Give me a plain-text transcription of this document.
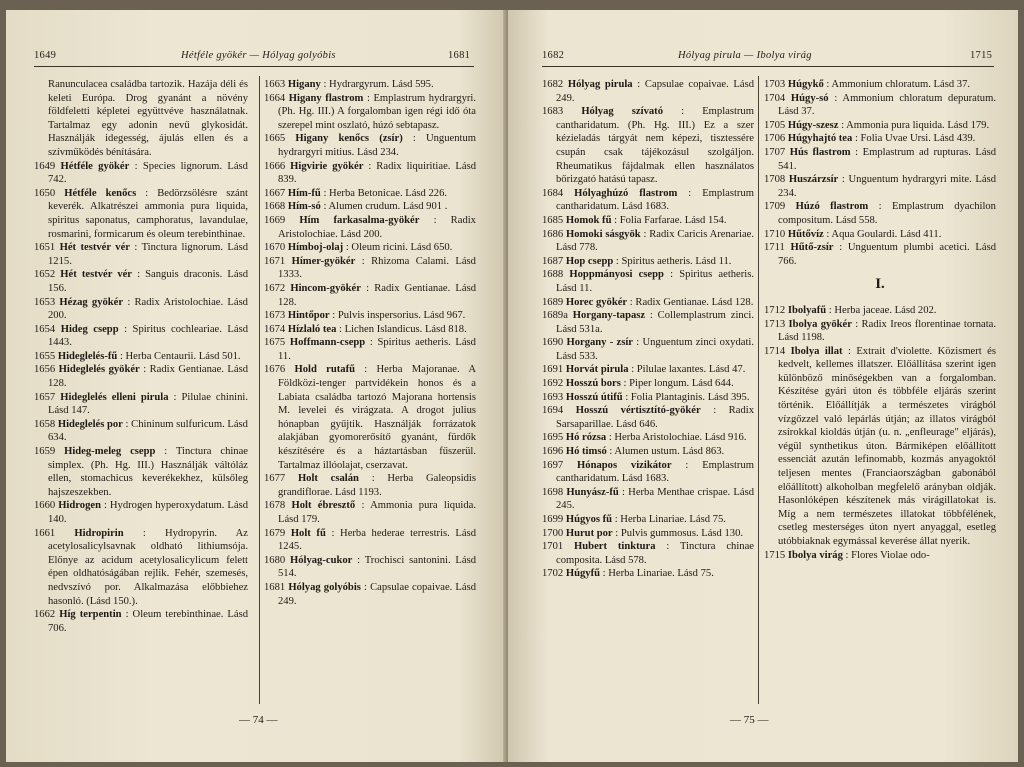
1649	Hétféle gyökér — Hólyag golyóbis	1681
Ranunculacea családba tartozik. Hazája déli és keleti Európa. Drog gyanánt a növény földfeletti képletei együttvéve használatnak. Tartalmaz egy adonin nevű glykosidát. Használják idegesség, ájulás ellen és a szívműködés bénítására.
1649 Hétféle gyökér : Species lignorum. Lásd 742.
1650 Hétféle kenőcs : Bedörzsölésre szánt keverék. Alkatrészei ammonia pura liquida, spiritus saponatus, camphoratus, lavandulae, rosmarini, formicarum és oleum terebinthinae.
1651 Hét testvér vér : Tinctura lignorum. Lásd 1215.
1652 Hét testvér vér : Sanguis draconis. Lásd 156.
1653 Hézag gyökér : Radix Aristolochiae. Lásd 200.
1654 Hideg csepp : Spiritus cochleariae. Lásd 1443.
1655 Hideglelés-fű : Herba Centaurii. Lásd 501.
1656 Hideglelés gyökér : Radix Gentianae. Lásd 128.
1657 Hideglelés elleni pirula : Pilulae chinini. Lásd 147.
1658 Hideglelés por : Chininum sulfuricum. Lásd 634.
1659 Hideg-meleg csepp : Tinctura chinae simplex. (Ph. Hg. III.) Használják váltóláz ellen, stomachicus keverékekhez, külsőleg hajszeszekben.
1660 Hidrogen : Hydrogen hyperoxydatum. Lásd 140.
1661 Hidropirin : Hydropyrin. Az acetylosalicylsavnak oldható lithiumsója. Előnye az acidum acetylosalicylicum felett épen oldhatóságában rejlik. Fehér, szemesés, nedvszívó por. Alkalmazása előbbiehez hasonló. (Lásd 150.).
1662 Híg terpentin : Oleum terebinthinae. Lásd 706.
1663 Higany : Hydrargyrum. Lásd 595.
1664 Higany flastrom : Emplastrum hydrargyri. (Ph. Hg. III.) A forgalomban igen régi idő óta szerepel mint oszlató, húzó sebtapasz.
1665 Higany kenőcs (zsír) : Unguentum hydrargyri mitius. Lásd 234.
1666 Higvirie gyökér : Radix liquiritiae. Lásd 839.
1667 Hím-fű : Herba Betonicae. Lásd 226.
1668 Hím-só : Alumen crudum. Lásd 901 .
1669 Hím farkasalma-gyökér : Radix Aristolochiae. Lásd 200.
1670 Hímboj-olaj : Oleum ricini. Lásd 650.
1671 Hímer-gyökér : Rhizoma Calami. Lásd 1333.
1672 Hincom-gyökér : Radix Gentianae. Lásd 128.
1673 Hintőpor : Pulvis inspersorius. Lásd 967.
1674 Hízlaló tea : Lichen Islandicus. Lásd 818.
1675 Hoffmann-csepp : Spiritus aetheris. Lásd 11.
1676 Hold rutafű : Herba Majoranae. A Földközi-tenger partvidékein honos és a Labiata családba tartozó Majorana hortensis M. levelei és virágzata. A drogot julius hónapban gyűjtik. Használják forrázatok alakjában gyomorerősítő gyanánt, fürdők készítésére és a háztartásban fűszerül. Tartalmaz illóolajat, cserzavat.
1677 Holt csalán : Herba Galeopsidis grandiflorae. Lásd 1193.
1678 Holt ébresztő : Ammonia pura liquida. Lásd 179.
1679 Holt fű : Herba hederae terrestris. Lásd 1245.
1680 Hólyag-cukor : Trochisci santonini. Lásd 514.
1681 Hólyag golyóbis : Capsulae copaivae. Lásd 249.
— 74 —
1682	Hólyag pirula — Ibolya virág	1715
1682 Hólyag pirula : Capsulae copaivae. Lásd 249.
1683 Hólyag szívató : Emplastrum cantharidatum. (Ph. Hg. III.) Ez a szer kézieladás tárgyát nem képezi, tisztessére csupán csak tájékozásul szolgáljon. Rheumatikus fájdalmak ellen használatos bőrizgató hatású tapasz.
1684 Hólyaghúzó flastrom : Emplastrum cantharidatum. Lásd 1683.
1685 Homok fű : Folia Farfarae. Lásd 154.
1686 Homoki sásgyök : Radix Caricis Arenariae. Lásd 778.
1687 Hop csepp : Spiritus aetheris. Lásd 11.
1688 Hoppmányosi csepp : Spiritus aetheris. Lásd 11.
1689 Horec gyökér : Radix Gentianae. Lásd 128.
1689a Horgany-tapasz : Collemplastrum zinci. Lásd 531a.
1690 Horgany - zsír : Unguentum zinci oxydati. Lásd 533.
1691 Horvát pirula : Pilulae laxantes. Lásd 47.
1692 Hosszú bors : Piper longum. Lásd 644.
1693 Hosszú útifű : Folia Plantaginis. Lásd 395.
1694 Hosszú vértisztító-gyökér : Radix Sarsaparillae. Lásd 646.
1695 Hó rózsa : Herba Aristolochiae. Lásd 916.
1696 Hó timsó : Alumen ustum. Lásd 863.
1697 Hónapos vizikátor : Emplastrum cantharidatum. Lásd 1683.
1698 Hunyász-fű : Herba Menthae crispae. Lásd 245.
1699 Húgyos fű : Herba Linariae. Lásd 75.
1700 Hurut por : Pulvis gummosus. Lásd 130.
1701 Hubert tinktura : Tinctura chinae composita. Lásd 578.
1702 Húgyfű : Herba Linariae. Lásd 75.
1703 Húgykő : Ammonium chloratum. Lásd 37.
1704 Húgy-só : Ammonium chloratum depuratum. Lásd 37.
1705 Húgy-szesz : Ammonia pura liquida. Lásd 179.
1706 Húgyhajtó tea : Folia Uvae Ursi. Lásd 439.
1707 Hús flastrom : Emplastrum ad rupturas. Lásd 541.
1708 Huszárzsír : Unguentum hydrargyri mite. Lásd 234.
1709 Húzó flastrom : Emplastrum dyachilon compositum. Lásd 558.
1710 Hűtővíz : Aqua Goulardi. Lásd 411.
1711 Hűtő-zsír : Unguentum plumbi acetici. Lásd 766.
I.
1712 Ibolyafű : Herba jaceae. Lásd 202.
1713 Ibolya gyökér : Radix Ireos florentinae tornata. Lásd 1198.
1714 Ibolya illat : Extrait d'violette. Közismert és kedvelt, kellemes illatszer. Előállítása szerint igen különböző minőségekben van a forgalomban. Készítése gyári úton és többféle eljárás szerint történik. Előállítják a természetes virágból vízgőzzel való lepárlás útján; az illatos virágból zsírokkal kioldás útján (u. n. „enfleurage" eljárás), végül synthetikus úton. Bármiképen előállított essenciát azután lefinomabb, kozmás anyagoktól teljesen mentes (Franciaországban gabonából előállított) alkoholban megfelelő arányban oldják. Hasonlóképen készítenek más virágillatokat is. Míg a nem természetes illatokat többfélének, csetleg mesterséges úton nyert anyaggal, esetleg utóbbiaknak egymással keverése állat nyerik.
1715 Ibolya virág : Flores Violae odo-
— 75 —
